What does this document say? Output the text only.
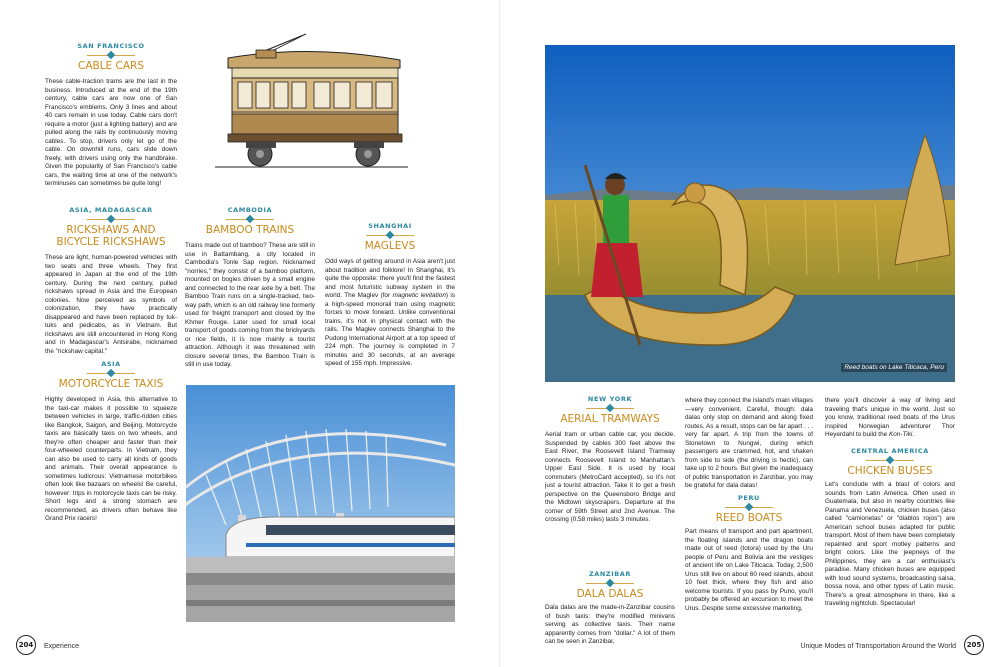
SAN FRANCISCO
CABLE CARS
These cable-traction trams are the last in the business. Introduced at the end of the 19th century, cable cars are now one of San Francisco's emblems. Only 3 lines and about 40 cars remain in use today. Cable cars don't require a motor (just a lighting battery) and are pulled along the rails by continuously moving cables. To stop, drivers only let go of the cable. On downhill runs, cars slide down freely, with drivers using only the handbrake. Given the popularity of San Francisco's cable cars, the waiting time at one of the network's terminuses can sometimes be quite long!
ASIA, MADAGASCAR
RICKSHAWS AND BICYCLE RICKSHAWS
These are light, human-powered vehicles with two seats and three wheels. They first appeared in Japan at the end of the 19th century. During the next century, pulled rickshaws spread in Asia and the European colonies. Now perceived as symbols of colonization, they have practically disappeared and have been replaced by tuk-tuks and pedicabs, as in Vietnam. But rickshaws are still encountered in Hong Kong and in Madagascar's Antsirabe, nicknamed the "rickshaw capital."
CAMBODIA
BAMBOO TRAINS
Trains made out of bamboo? These are still in use in Battambang, a city located in Cambodia's Tonle Sap region. Nicknamed "norries," they consist of a bamboo platform, mounted on bogies driven by a small engine and connected to the rear axle by a belt. The Bamboo Train runs on a single-tracked, two-way path, which is an old railway line formerly used for freight transport and closed by the Khmer Rouge. Later used for small local transport of goods coming from the brickyards or rice fields, it is now mainly a tourist attraction. Although it was threatened with closure several times, the Bamboo Train is still in use today.
SHANGHAI
MAGLEVS
Odd ways of getting around in Asia aren't just about tradition and folklore! In Shanghai, it's quite the opposite: there you'll find the fastest and most futuristic subway system in the world. The Maglev (for magnetic levitation) is a high-speed monorail train using magnetic forces to move forward. Unlike conventional trains, it's not in physical contact with the rails. The Maglev connects Shanghai to the Pudong International Airport at a top speed of 224 mph. The journey is completed in 7 minutes and 30 seconds, at an average speed of 155 mph. Impressive.
ASIA
MOTORCYCLE TAXIS
Highly developed in Asia, this alternative to the taxi-car makes it possible to squeeze between vehicles in large, traffic-ridden cities like Bangkok, Saigon, and Beijing. Motorcycle taxis are basically taxis on two wheels, and they're often cheaper and faster than their four-wheeled counterparts. In Vietnam, they can also be used to carry all kinds of goods and animals. Their overall appearance is sometimes ludicrous: Vietnamese motorbikes often look like bazaars on wheels! Be careful, however: trips in motorcycle taxis can be risky. Short legs and a strong stomach are recommended, as drivers often behave like Grand Prix racers!
204	Experience
Reed boats on Lake Titicaca, Peru
NEW YORK
AERIAL TRAMWAYS
Aerial tram or urban cable car, you decide. Suspended by cables 300 feet above the East River, the Roosevelt Island Tramway connects Roosevelt Island to Manhattan's Upper East Side. It is used by local commuters (MetroCard accepted), so it's not just a tourist attraction. Take it to get a fresh perspective on the Queensboro Bridge and the Midtown skyscrapers. Departure at the corner of 59th Street and 2nd Avenue. The crossing (0.58 miles) lasts 3 minutes.
ZANZIBAR
DALA DALAS
Dala dalas are the made-in-Zanzibar cousins of bush taxis: they're modified minivans serving as collective taxis. Their name apparently comes from "dollar." A lot of them can be seen in Zanzibar,
where they connect the island's main villages—very convenient. Careful, though: dala dalas only stop on demand and along fixed routes. As a result, stops can be far apart . . . very far apart. A trip from the towns of Stonetown to Nungwi, during which passengers are crammed, hot, and shaken from side to side (the driving is hectic), can take up to 2 hours. But given the inadequacy of public transportation in Zanzibar, you may be grateful for dala dalas!
PERU
REED BOATS
Part means of transport and part apartment, the floating islands and the dragon boats made out of reed (totora) used by the Uru people of Peru and Bolivia are the vestiges of ancient life on Lake Titicaca. Today, 2,500 Urus still live on about 60 reed islands, about 10 feet thick, where they fish and also welcome tourists. If you pass by Puno, you'll probably be offered an excursion to meet the Urus. Despite some excessive marketing,
there you'll discover a way of living and traveling that's unique in the world. Just so you know, traditional reed boats of the Urus inspired Norwegian adventurer Thor Heyerdahl to build the Kon-Tiki.
CENTRAL AMERICA
CHICKEN BUSES
Let's conclude with a blast of colors and sounds from Latin America. Often used in Guatemala, but also in nearby countries like Panama and Venezuela, chicken buses (also called "camionetas" or "diablos rojos") are American school buses adapted for public transport. Most of them have been completely repainted and sport motley patterns and bright colors. Like the jeepneys of the Philippines, they are a car enthusiast's paradise. Many chicken buses are equipped with loud sound systems, broadcasting salsa, bossa nova, and other types of Latin music. There's a great atmosphere in there, like a traveling nightclub. Spectacular!
Unique Modes of Transportation Around the World	205
